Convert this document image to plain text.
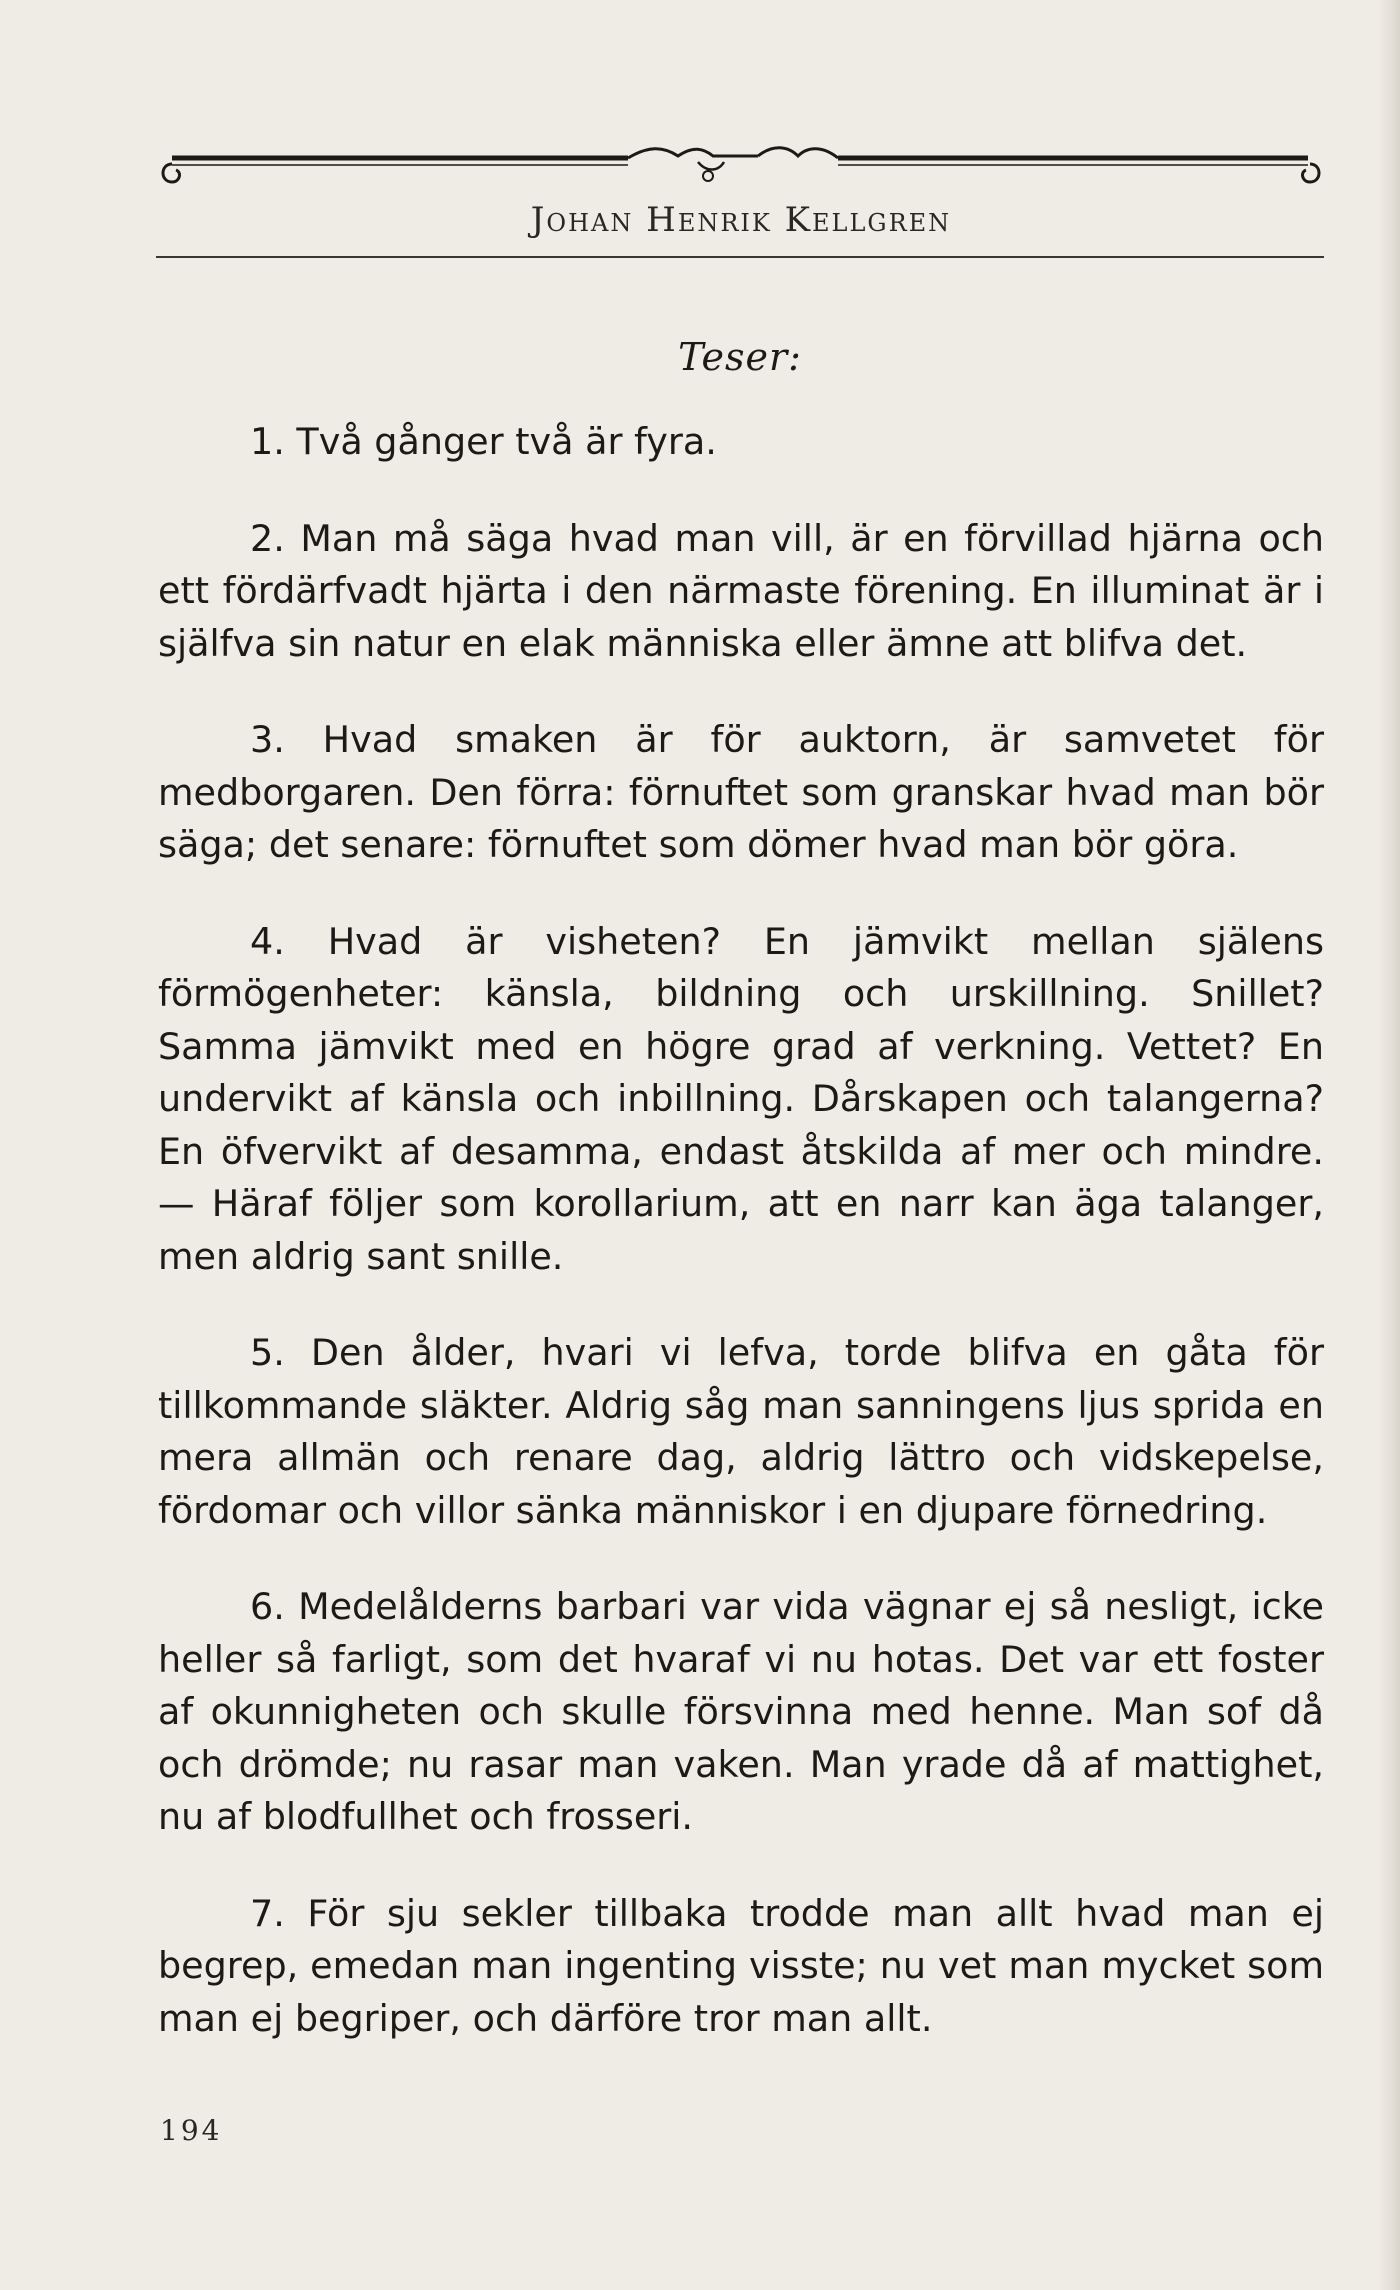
Johan Henrik Kellgren
Teser:

1. Två gånger två är fyra.

2. Man må säga hvad man vill, är en förvillad hjärna och ett fördärfvadt hjärta i den närmaste förening. En illuminat är i själfva sin natur en elak människa eller ämne att blifva det.

3. Hvad smaken är för auktorn, är samvetet för medborgaren. Den förra: förnuftet som granskar hvad man bör säga; det senare: förnuftet som dömer hvad man bör göra.

4. Hvad är visheten? En jämvikt mellan själens förmögenheter: känsla, bildning och urskillning. Snillet? Samma jämvikt med en högre grad af verkning. Vettet? En undervikt af känsla och inbillning. Dårskapen och talangerna? En öfvervikt af desamma, endast åtskilda af mer och mindre. — Häraf följer som korollarium, att en narr kan äga talanger, men aldrig sant snille.

5. Den ålder, hvari vi lefva, torde blifva en gåta för tillkommande släkter. Aldrig såg man sanningens ljus sprida en mera allmän och renare dag, aldrig lättro och vidskepelse, fördomar och villor sänka människor i en djupare förnedring.

6. Medelålderns barbari var vida vägnar ej så nesligt, icke heller så farligt, som det hvaraf vi nu hotas. Det var ett foster af okunnigheten och skulle försvinna med henne. Man sof då och drömde; nu rasar man vaken. Man yrade då af mattighet, nu af blodfullhet och frosseri.

7. För sju sekler tillbaka trodde man allt hvad man ej begrep, emedan man ingenting visste; nu vet man mycket som man ej begriper, och därföre tror man allt.

194
